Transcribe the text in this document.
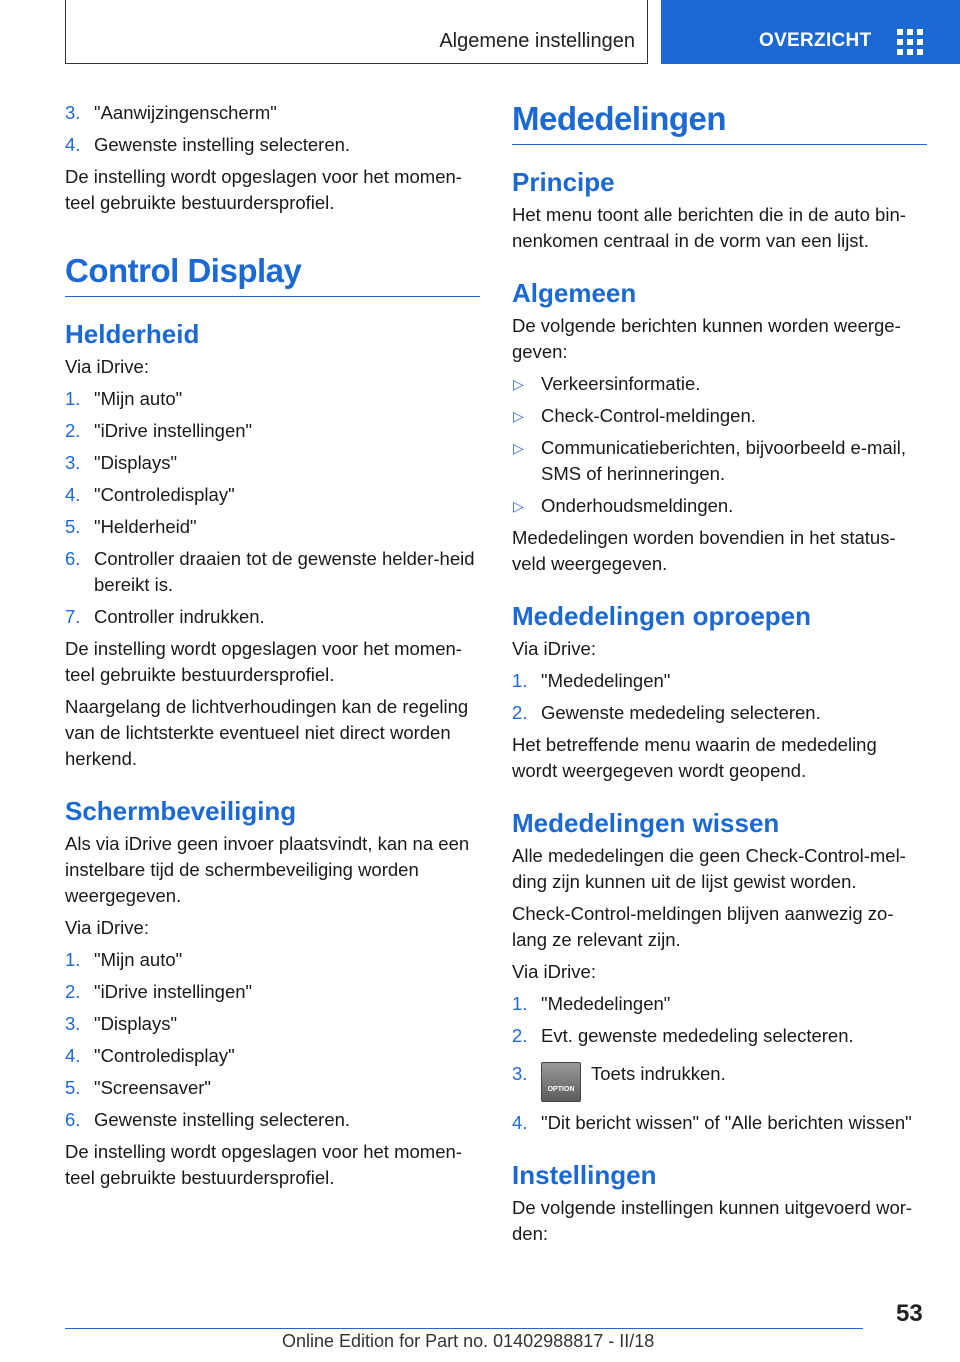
Algemene instellingen	OVERZICHT
3. "Aanwijzingenscherm"
4. Gewenste instelling selecteren.

De instelling wordt opgeslagen voor het momen-teel gebruikte bestuurdersprofiel.

Control Display
Helderheid

Via iDrive:

1. "Mijn auto"
2. "iDrive instellingen"
3. "Displays"
4. "Controledisplay"
5. "Helderheid"
6. Controller draaien tot de gewenste helder-heid bereikt is.
7. Controller indrukken.

De instelling wordt opgeslagen voor het momen-teel gebruikte bestuurdersprofiel.

Naargelang de lichtverhoudingen kan de regeling van de lichtsterkte eventueel niet direct worden herkend.

Schermbeveiliging

Als via iDrive geen invoer plaatsvindt, kan na een instelbare tijd de schermbeveiliging worden weergegeven.

Via iDrive:

1. "Mijn auto"
2. "iDrive instellingen"
3. "Displays"
4. "Controledisplay"
5. "Screensaver"
6. Gewenste instelling selecteren.

De instelling wordt opgeslagen voor het momen-teel gebruikte bestuurdersprofiel.

Mededelingen
Principe

Het menu toont alle berichten die in de auto bin-nenkomen centraal in de vorm van een lijst.

Algemeen

De volgende berichten kunnen worden weerge-geven:

▷ Verkeersinformatie.
▷ Check-Control-meldingen.
▷ Communicatieberichten, bijvoorbeeld e-mail, SMS of herinneringen.
▷ Onderhoudsmeldingen.

Mededelingen worden bovendien in het status-veld weergegeven.

Mededelingen oproepen

Via iDrive:

1. "Mededelingen"
2. Gewenste mededeling selecteren.

Het betreffende menu waarin de mededeling wordt weergegeven wordt geopend.

Mededelingen wissen

Alle mededelingen die geen Check-Control-mel-ding zijn kunnen uit de lijst gewist worden.

Check-Control-meldingen blijven aanwezig zo-lang ze relevant zijn.

Via iDrive:

1. "Mededelingen"
2. Evt. gewenste mededeling selecteren.
3.
OPTION
Toets indrukken.
4. "Dit bericht wissen" of "Alle berichten wissen"
Instellingen

De volgende instellingen kunnen uitgevoerd wor-den:

53
Online Edition for Part no. 01402988817 - II/18
